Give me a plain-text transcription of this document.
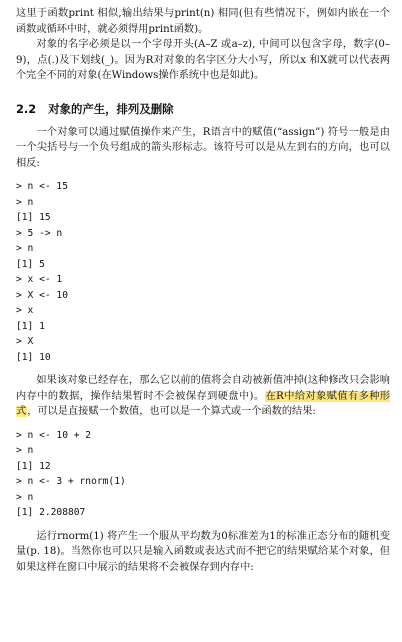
这里于函数print 相似,输出结果与print(n) 相同(但有些情况下，例如内嵌在一个函数或循环中时，就必须得用print函数)。

对象的名字必须是以一个字母开头(A–Z 或a–z), 中间可以包含字母，数字(0–9)，点(.)及下划线(_)。因为R对对象的名字区分大小写，所以x 和X就可以代表两个完全不同的对象(在Windows操作系统中也是如此)。

2.2 对象的产生，排列及删除

一个对象可以通过赋值操作来产生，R语言中的赋值(“assign”) 符号一般是由一个尖括号与一个负号组成的箭头形标志。该符号可以是从左到右的方向，也可以相反:

> n <- 15
> n
[1] 15
> 5 -> n
> n
[1] 5
> x <- 1
> X <- 10
> x
[1] 1
> X
[1] 10

如果该对象已经存在，那么它以前的值将会自动被新值冲掉(这种修改只会影响内存中的数据，操作结果暂时不会被保存到硬盘中)。在R中给对象赋值有多种形式，可以是直接赋一个数值，也可以是一个算式或一个函数的结果:

> n <- 10 + 2
> n
[1] 12
> n <- 3 + rnorm(1)
> n
[1] 2.208807

运行rnorm(1) 将产生一个服从平均数为0标准差为1的标准正态分布的随机变量(p. 18)。当然你也可以只是输入函数或表达式而不把它的结果赋给某个对象，但如果这样在窗口中展示的结果将不会被保存到内存中:
